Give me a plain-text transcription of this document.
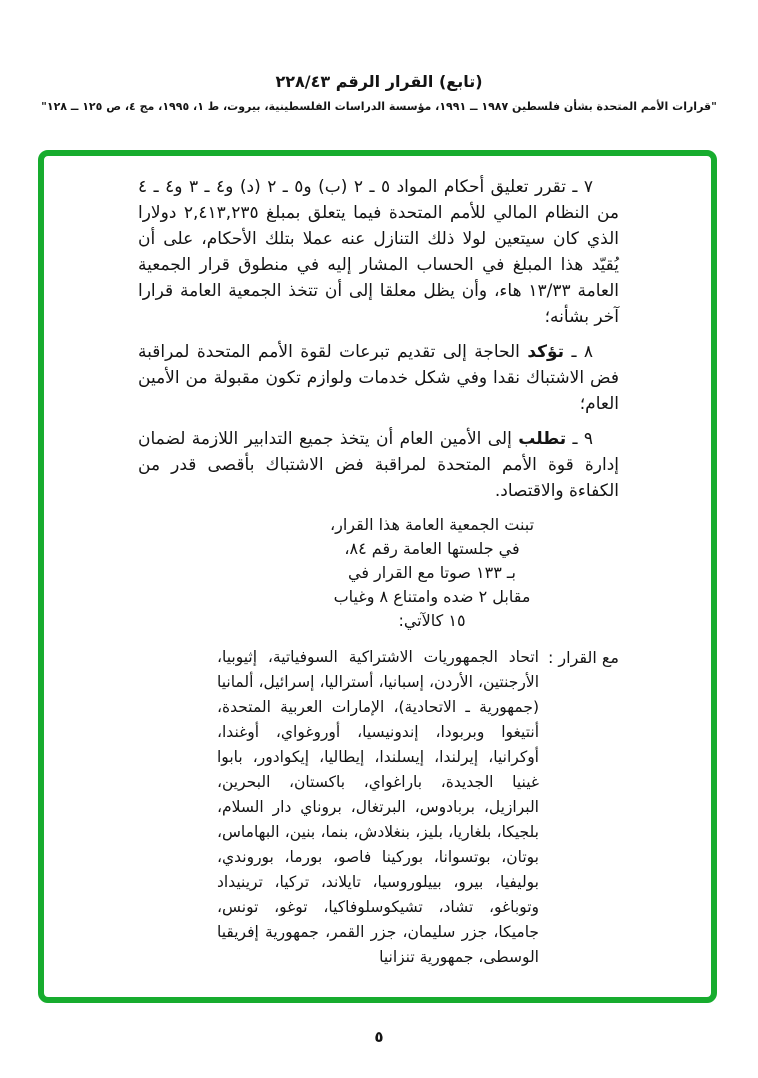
(تابع) القرار الرقم ٢٢٨/٤٣
"قرارات الأمم المتحدة بشأن فلسطين ١٩٨٧ ــ ١٩٩١، مؤسسة الدراسات الفلسطينية، بيروت، ط ١، ١٩٩٥، مج ٤، ص ١٢٥ ــ ١٢٨"

٧ ـ تقرر تعليق أحكام المواد ٥ ـ ٢ (ب) و٥ ـ ٢ (د) و٤ ـ ٣ و٤ ـ ٤ من النظام المالي للأمم المتحدة فيما يتعلق بمبلغ ٢,٤١٣,٢٣٥ دولارا الذي كان سيتعين لولا ذلك التنازل عنه عملا بتلك الأحكام، على أن يُقيّد هذا المبلغ في الحساب المشار إليه في منطوق قرار الجمعية العامة ١٣/٣٣ هاء، وأن يظل معلقا إلى أن تتخذ الجمعية العامة قرارا آخر بشأنه؛

٨ ـ تؤكد الحاجة إلى تقديم تبرعات لقوة الأمم المتحدة لمراقبة فض الاشتباك نقدا وفي شكل خدمات ولوازم تكون مقبولة من الأمين العام؛

٩ ـ تطلب إلى الأمين العام أن يتخذ جميع التدابير اللازمة لضمان إدارة قوة الأمم المتحدة لمراقبة فض الاشتباك بأقصى قدر من الكفاءة والاقتصاد.

تبنت الجمعية العامة هذا القرار،
في جلستها العامة رقم ٨٤،
بـ ١٣٣ صوتا مع القرار في
مقابل ٢ ضده وامتناع ٨ وغياب
١٥ كالآتي:
مع القرار :
اتحاد الجمهوريات الاشتراكية السوفياتية، إثيوبيا، الأرجنتين، الأردن، إسبانيا، أستراليا، إسرائيل، ألمانيا (جمهورية ـ الاتحادية)، الإمارات العربية المتحدة، أنتيغوا وبربودا، إندونيسيا، أوروغواي، أوغندا، أوكرانيا، إيرلندا، إيسلندا، إيطاليا، إيكوادور، بابوا غينيا الجديدة، باراغواي، باكستان، البحرين، البرازيل، بربادوس، البرتغال، بروناي دار السلام، بلجيكا، بلغاريا، بليز، بنغلادش، بنما، بنين، البهاماس، بوتان، بوتسوانا، بوركينا فاصو، بورما، بوروندي، بوليفيا، بيرو، بييلوروسيا، تايلاند، تركيا، ترينيداد وتوباغو، تشاد، تشيكوسلوفاكيا، توغو، تونس، جاميكا، جزر سليمان، جزر القمر، جمهورية إفريقيا الوسطى، جمهورية تنزانيا
٥
